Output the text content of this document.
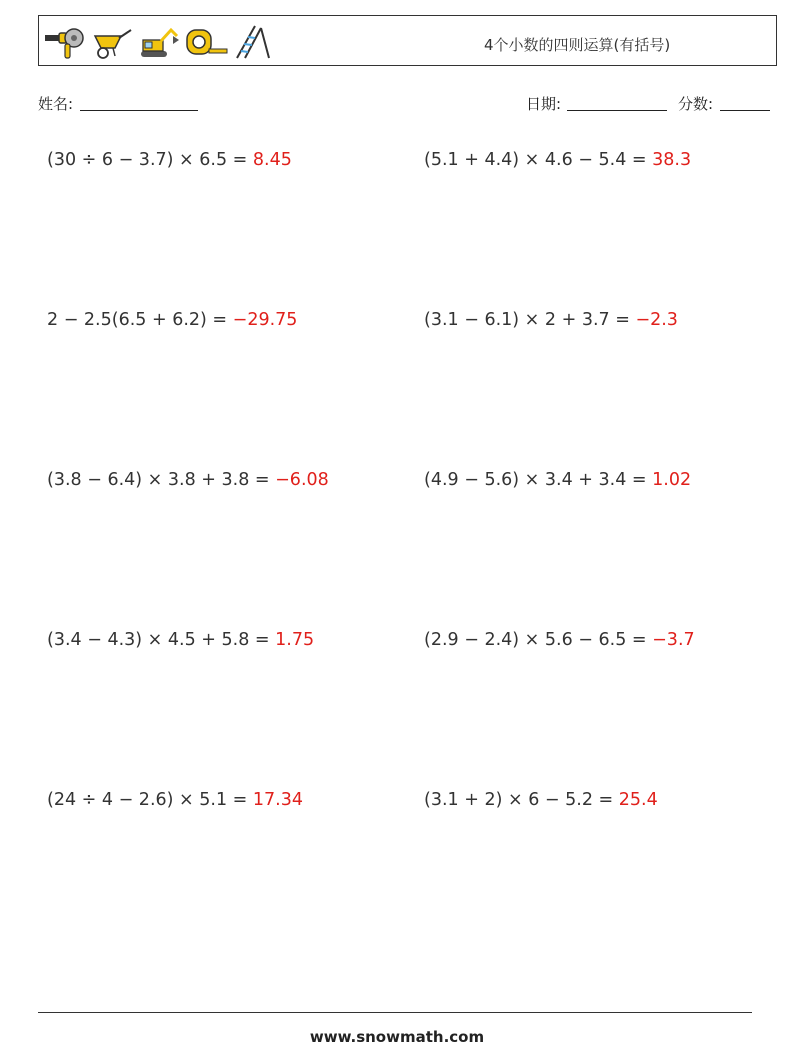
4个小数的四则运算(有括号)
姓名:	日期:	分数:
(30 ÷ 6 − 3.7) × 6.5 = 8.45	(5.1 + 4.4) × 4.6 − 5.4 = 38.3
2 − 2.5(6.5 + 6.2) = −29.75	(3.1 − 6.1) × 2 + 3.7 = −2.3
(3.8 − 6.4) × 3.8 + 3.8 = −6.08	(4.9 − 5.6) × 3.4 + 3.4 = 1.02
(3.4 − 4.3) × 4.5 + 5.8 = 1.75	(2.9 − 2.4) × 5.6 − 6.5 = −3.7
(24 ÷ 4 − 2.6) × 5.1 = 17.34	(3.1 + 2) × 6 − 5.2 = 25.4
www.snowmath.com
